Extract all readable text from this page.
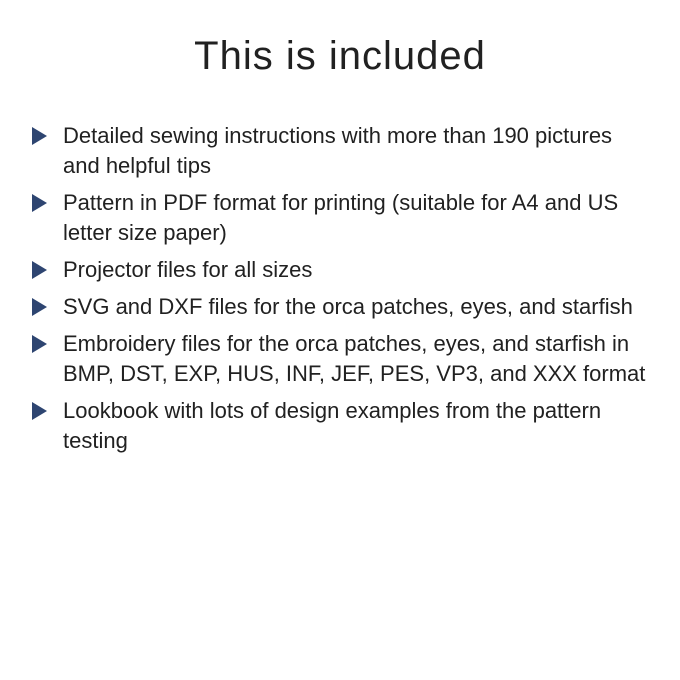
This is included
Detailed sewing instructions with more than 190 pictures and helpful tips
Pattern in PDF format for printing (suitable for A4 and US letter size paper)
Projector files for all sizes
SVG and DXF files for the orca patches, eyes, and starfish
Embroidery files for the orca patches, eyes, and starfish in BMP, DST, EXP, HUS, INF, JEF, PES, VP3, and XXX format
Lookbook with lots of design examples from the pattern testing
